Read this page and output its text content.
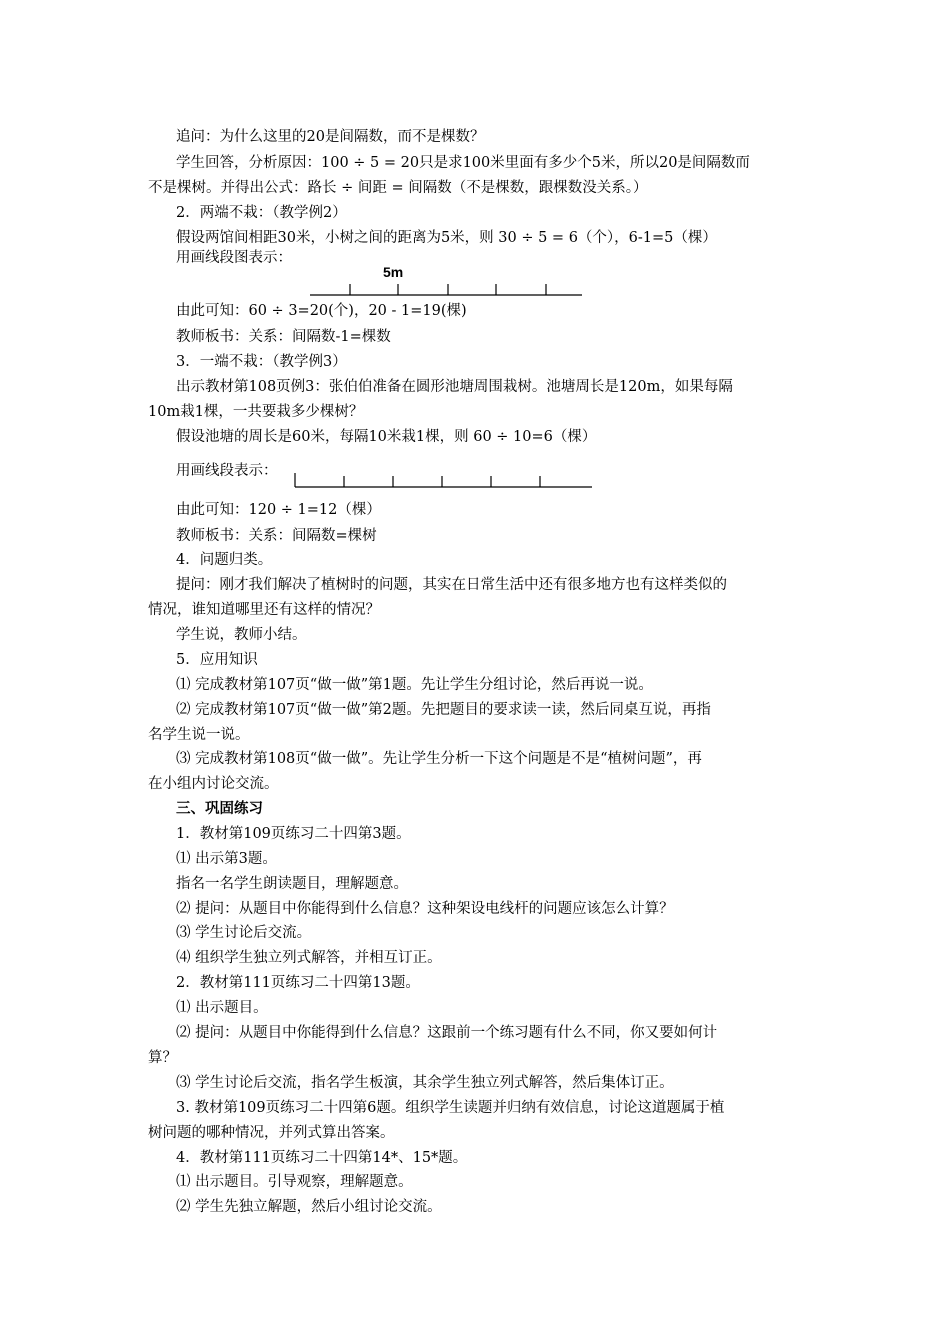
追问：为什么这里的20是间隔数，而不是棵数？
学生回答，分析原因：100 ÷ 5 = 20只是求100米里面有多少个5米，所以20是间隔数而
不是棵树。并得出公式：路长 ÷ 间距 = 间隔数（不是棵数，跟棵数没关系。）
2．两端不栽：（教学例2）
假设两馆间相距30米，小树之间的距离为5米，则 30 ÷ 5 = 6（个），6-1=5（棵）
用画线段图表示：
5m
由此可知：60 ÷ 3=20(个)，20 - 1=19(棵)
教师板书：关系：间隔数-1=棵数
3．一端不栽：（教学例3）
出示教材第108页例3：张伯伯准备在圆形池塘周围栽树。池塘周长是120m，如果每隔
10m栽1棵，一共要栽多少棵树？
假设池塘的周长是60米，每隔10米栽1棵，则 60 ÷ 10=6（棵）
用画线段表示：
由此可知：120 ÷ 1=12（棵）
教师板书：关系：间隔数=棵树
4．问题归类。
提问：刚才我们解决了植树时的问题，其实在日常生活中还有很多地方也有这样类似的
情况，谁知道哪里还有这样的情况？
学生说，教师小结。
5．应用知识
⑴ 完成教材第107页“做一做”第1题。先让学生分组讨论，然后再说一说。
⑵ 完成教材第107页“做一做”第2题。先把题目的要求读一读，然后同桌互说，再指
名学生说一说。
⑶ 完成教材第108页“做一做”。先让学生分析一下这个问题是不是“植树问题”，再
在小组内讨论交流。
三、巩固练习
1．教材第109页练习二十四第3题。
⑴ 出示第3题。
指名一名学生朗读题目，理解题意。
⑵ 提问：从题目中你能得到什么信息？这种架设电线杆的问题应该怎么计算？
⑶ 学生讨论后交流。
⑷ 组织学生独立列式解答，并相互订正。
2．教材第111页练习二十四第13题。
⑴ 出示题目。
⑵ 提问：从题目中你能得到什么信息？这跟前一个练习题有什么不同，你又要如何计
算？
⑶ 学生讨论后交流，指名学生板演，其余学生独立列式解答，然后集体订正。
3. 教材第109页练习二十四第6题。组织学生读题并归纳有效信息，讨论这道题属于植
树问题的哪种情况，并列式算出答案。
4．教材第111页练习二十四第14*、15*题。
⑴ 出示题目。引导观察，理解题意。
⑵ 学生先独立解题，然后小组讨论交流。
